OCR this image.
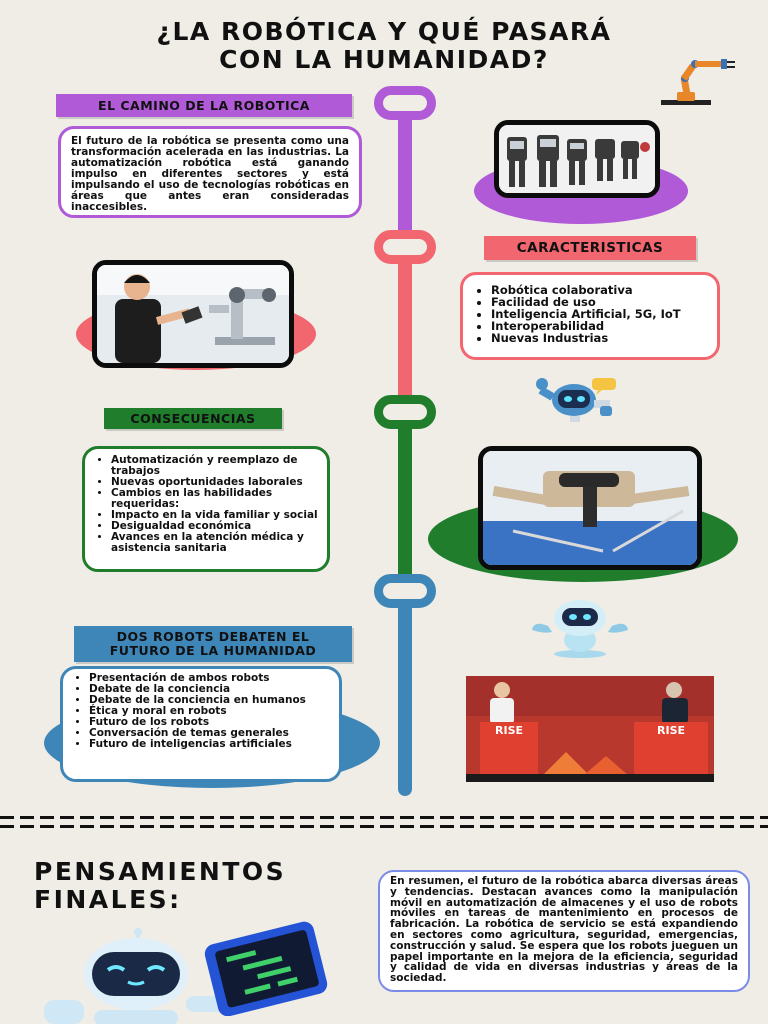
¿LA ROBÓTICA Y QUÉ PASARÁ
CON LA HUMANIDAD?
EL CAMINO DE LA ROBOTICA
El futuro de la robótica se presenta como una transformación acelerada en las industrias. La automatización robótica está ganando impulso en diferentes sectores y está impulsando el uso de tecnologías robóticas en áreas que antes eran consideradas inaccesibles.
CARACTERISTICAS
• Robótica colaborativa
• Facilidad de uso
• Inteligencia Artificial, 5G, IoT
• Interoperabilidad
• Nuevas Industrias
CONSECUENCIAS
• Automatización y reemplazo de trabajos
• Nuevas oportunidades laborales
• Cambios en las habilidades requeridas:
• Impacto en la vida familiar y social
• Desigualdad económica
• Avances en la atención médica y asistencia sanitaria
DOS ROBOTS DEBATEN EL
FUTURO DE LA HUMANIDAD
• Presentación de ambos robots
• Debate de la conciencia
• Debate de la conciencia en humanos
• Ética y moral en robots
• Futuro de los robots
• Conversación de temas generales
• Futuro de inteligencias artificiales
RISE	RISE
PENSAMIENTOS
FINALES:
En resumen, el futuro de la robótica abarca diversas áreas y tendencias. Destacan avances como la manipulación móvil en automatización de almacenes y el uso de robots móviles en tareas de mantenimiento en procesos de fabricación. La robótica de servicio se está expandiendo en sectores como agricultura, seguridad, emergencias, construcción y salud. Se espera que los robots jueguen un papel importante en la mejora de la eficiencia, seguridad y calidad de vida en diversas industrias y áreas de la sociedad.
